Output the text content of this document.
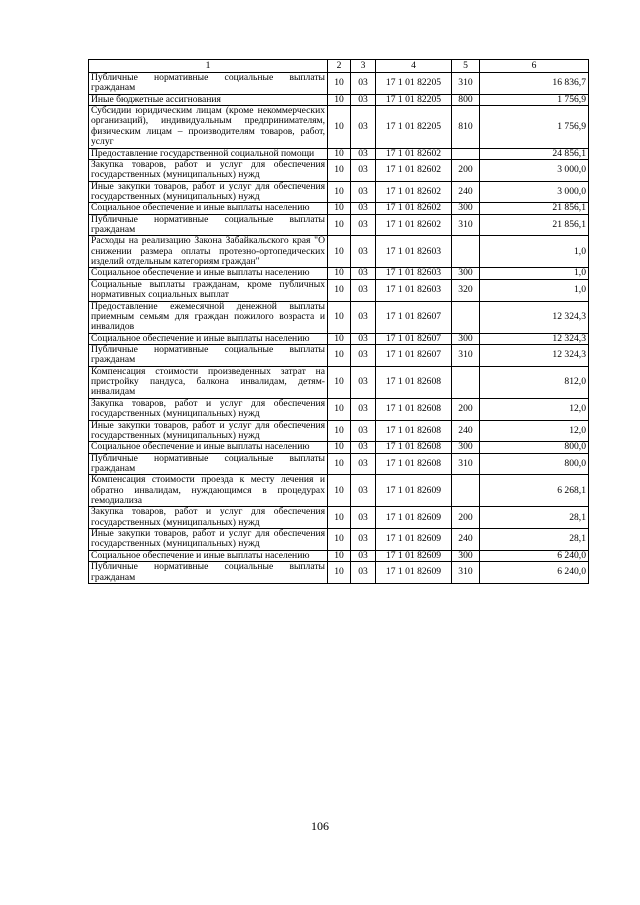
1	2	3	4	5	6
Публичные нормативные социальные выплаты гражданам	10	03	17 1 01 82205	310	16 836,7
Иные бюджетные ассигнования	10	03	17 1 01 82205	800	1 756,9
Субсидии юридическим лицам (кроме некоммерческих организаций), индивидуальным предпринимателям, физическим лицам – производителям товаров, работ, услуг	10	03	17 1 01 82205	810	1 756,9
Предоставление государственной социальной помощи	10	03	17 1 01 82602		24 856,1
Закупка товаров, работ и услуг для обеспечения государственных (муниципальных) нужд	10	03	17 1 01 82602	200	3 000,0
Иные закупки товаров, работ и услуг для обеспечения государственных (муниципальных) нужд	10	03	17 1 01 82602	240	3 000,0
Социальное обеспечение и иные выплаты населению	10	03	17 1 01 82602	300	21 856,1
Публичные нормативные социальные выплаты гражданам	10	03	17 1 01 82602	310	21 856,1
Расходы на реализацию Закона Забайкальского края "О снижении размера оплаты протезно-ортопедических изделий отдельным категориям граждан"	10	03	17 1 01 82603		1,0
Социальное обеспечение и иные выплаты населению	10	03	17 1 01 82603	300	1,0
Социальные выплаты гражданам, кроме публичных нормативных социальных выплат	10	03	17 1 01 82603	320	1,0
Предоставление ежемесячной денежной выплаты приемным семьям для граждан пожилого возраста и инвалидов	10	03	17 1 01 82607		12 324,3
Социальное обеспечение и иные выплаты населению	10	03	17 1 01 82607	300	12 324,3
Публичные нормативные социальные выплаты гражданам	10	03	17 1 01 82607	310	12 324,3
Компенсация стоимости произведенных затрат на пристройку пандуса, балкона инвалидам, детям-инвалидам	10	03	17 1 01 82608		812,0
Закупка товаров, работ и услуг для обеспечения государственных (муниципальных) нужд	10	03	17 1 01 82608	200	12,0
Иные закупки товаров, работ и услуг для обеспечения государственных (муниципальных) нужд	10	03	17 1 01 82608	240	12,0
Социальное обеспечение и иные выплаты населению	10	03	17 1 01 82608	300	800,0
Публичные нормативные социальные выплаты гражданам	10	03	17 1 01 82608	310	800,0
Компенсация стоимости проезда к месту лечения и обратно инвалидам, нуждающимся в процедурах гемодиализа	10	03	17 1 01 82609		6 268,1
Закупка товаров, работ и услуг для обеспечения государственных (муниципальных) нужд	10	03	17 1 01 82609	200	28,1
Иные закупки товаров, работ и услуг для обеспечения государственных (муниципальных) нужд	10	03	17 1 01 82609	240	28,1
Социальное обеспечение и иные выплаты населению	10	03	17 1 01 82609	300	6 240,0
Публичные нормативные социальные выплаты гражданам	10	03	17 1 01 82609	310	6 240,0
106
